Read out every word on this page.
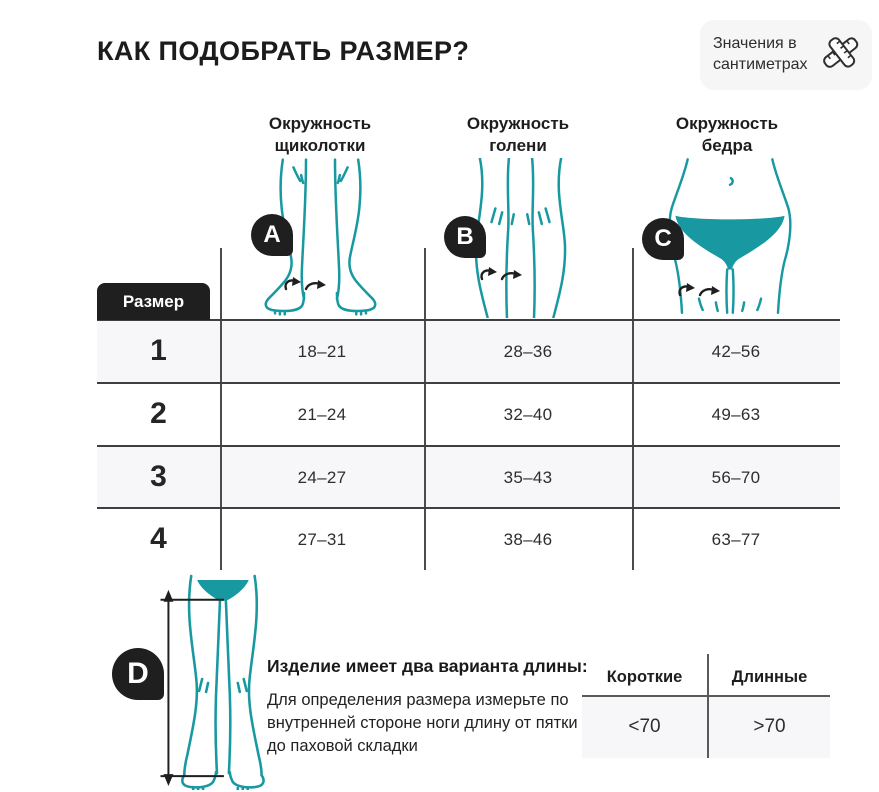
КАК ПОДОБРАТЬ РАЗМЕР?	Значения в сантиметрах
Окружность щиколотки
Окружность голени
Окружность бедра
A	B	C
Размер
1	18–21	28–36	42–56
2	21–24	32–40	49–63
3	24–27	35–43	56–70
4	27–31	38–46	63–77
D	Изделие имеет два варианта длины:
Для определения размера измерьте по внутренней стороне ноги длину от пятки до паховой складки
Короткие	Длинные
<70	>70
